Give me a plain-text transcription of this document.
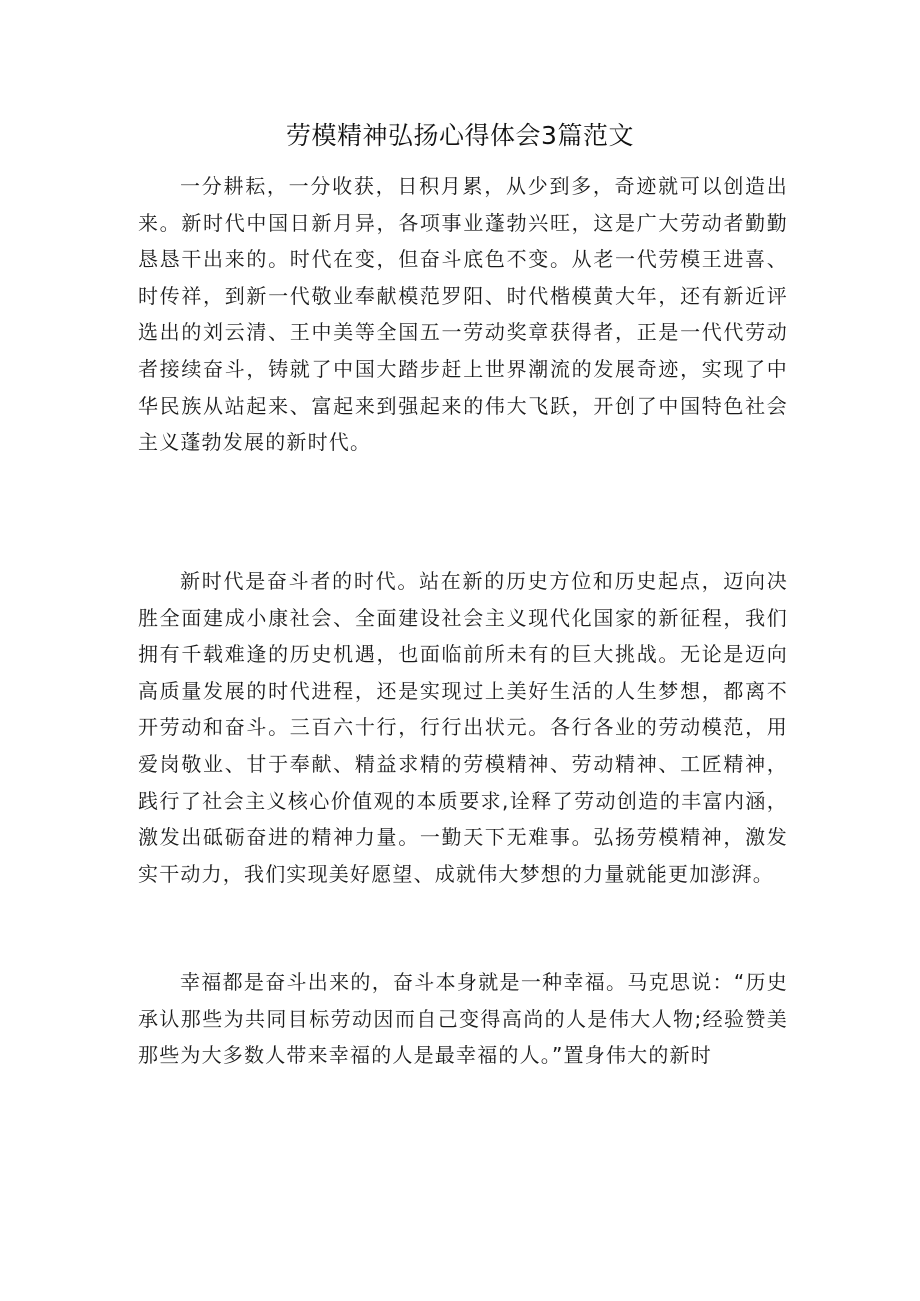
劳模精神弘扬心得体会3篇范文

一分耕耘，一分收获，日积月累，从少到多，奇迹就可以创造出来。新时代中国日新月异，各项事业蓬勃兴旺，这是广大劳动者勤勤恳恳干出来的。时代在变，但奋斗底色不变。从老一代劳模王进喜、时传祥，到新一代敬业奉献模范罗阳、时代楷模黄大年，还有新近评选出的刘云清、王中美等全国五一劳动奖章获得者，正是一代代劳动者接续奋斗，铸就了中国大踏步赶上世界潮流的发展奇迹，实现了中华民族从站起来、富起来到强起来的伟大飞跃，开创了中国特色社会主义蓬勃发展的新时代。

新时代是奋斗者的时代。站在新的历史方位和历史起点，迈向决胜全面建成小康社会、全面建设社会主义现代化国家的新征程，我们拥有千载难逢的历史机遇，也面临前所未有的巨大挑战。无论是迈向高质量发展的时代进程，还是实现过上美好生活的人生梦想，都离不开劳动和奋斗。三百六十行，行行出状元。各行各业的劳动模范，用爱岗敬业、甘于奉献、精益求精的劳模精神、劳动精神、工匠精神，践行了社会主义核心价值观的本质要求,诠释了劳动创造的丰富内涵，激发出砥砺奋进的精神力量。一勤天下无难事。弘扬劳模精神，激发实干动力，我们实现美好愿望、成就伟大梦想的力量就能更加澎湃。

幸福都是奋斗出来的，奋斗本身就是一种幸福。马克思说：“历史承认那些为共同目标劳动因而自己变得高尚的人是伟大人物;经验赞美那些为大多数人带来幸福的人是最幸福的人。”置身伟大的新时
